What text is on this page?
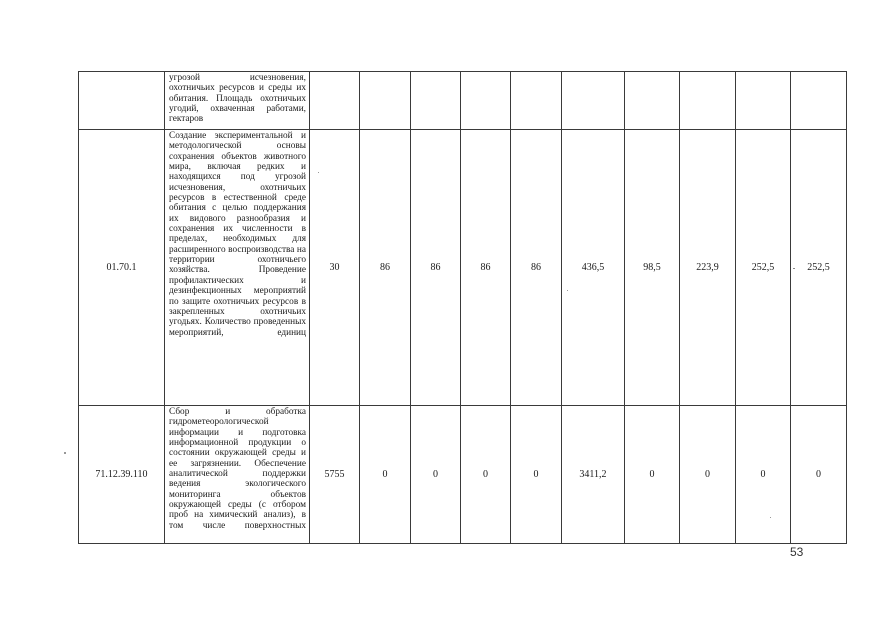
	угрозой исчезновения, охотничьих ресурсов и среды их обитания. Площадь охотничьих угодий, охваченная работами, гектаров										

01.70.1	Создание экспериментальной и методологической основы сохранения объектов животного мира, включая редких и находящихся под угрозой исчезновения, охотничьих ресурсов в естественной среде обитания с целью поддержания их видового разнообразия и сохранения их численности в пределах, необходимых для расширенного воспроизводства на территории охотничьего хозяйства. Проведение профилактических и дезинфекционных мероприятий по защите охотничьих ресурсов в закрепленных охотничьих угодьях. Количество проведенных мероприятий, единиц	30	86	86	86	86	436,5	98,5	223,9	252,5	252,5
71.12.39.110	Сбор и обработка гидрометеорологической информации и подготовка информационной продукции о состоянии окружающей среды и ее загрязнении. Обеспечение аналитической поддержки ведения экологического мониторинга объектов окружающей среды (с отбором проб на химический анализ), в том числе поверхностных	5755	0	0	0	0	3411,2	0	0	0	0
53
